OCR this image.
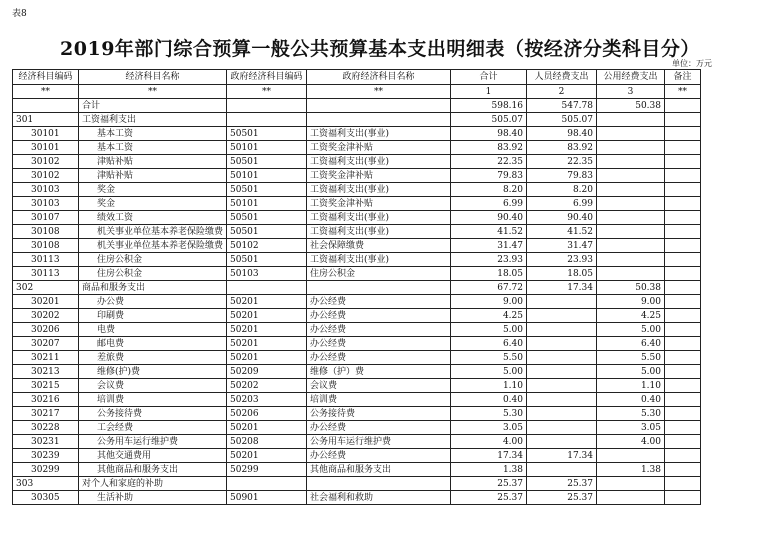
表8
2019年部门综合预算一般公共预算基本支出明细表（按经济分类科目分）
单位：万元
经济科目编码	经济科目名称	政府经济科目编码	政府经济科目名称	合计	人员经费支出	公用经费支出	备注
**	**	**	**	1	2	3	**
	合计			598.16	547.78	50.38	
301	工资福利支出			505.07	505.07		
30101	基本工资	50501	工资福利支出(事业)	98.40	98.40		
30101	基本工资	50101	工资奖金津补贴	83.92	83.92		
30102	津贴补贴	50501	工资福利支出(事业)	22.35	22.35		
30102	津贴补贴	50101	工资奖金津补贴	79.83	79.83		
30103	奖金	50501	工资福利支出(事业)	8.20	8.20		
30103	奖金	50101	工资奖金津补贴	6.99	6.99		
30107	绩效工资	50501	工资福利支出(事业)	90.40	90.40		
30108	机关事业单位基本养老保险缴费	50501	工资福利支出(事业)	41.52	41.52		
30108	机关事业单位基本养老保险缴费	50102	社会保障缴费	31.47	31.47		
30113	住房公积金	50501	工资福利支出(事业)	23.93	23.93		
30113	住房公积金	50103	住房公积金	18.05	18.05		
302	商品和服务支出			67.72	17.34	50.38	
30201	办公费	50201	办公经费	9.00		9.00	
30202	印刷费	50201	办公经费	4.25		4.25	
30206	电费	50201	办公经费	5.00		5.00	
30207	邮电费	50201	办公经费	6.40		6.40	
30211	差旅费	50201	办公经费	5.50		5.50	
30213	维修(护)费	50209	维修（护）费	5.00		5.00	
30215	会议费	50202	会议费	1.10		1.10	
30216	培训费	50203	培训费	0.40		0.40	
30217	公务接待费	50206	公务接待费	5.30		5.30	
30228	工会经费	50201	办公经费	3.05		3.05	
30231	公务用车运行维护费	50208	公务用车运行维护费	4.00		4.00	
30239	其他交通费用	50201	办公经费	17.34	17.34		
30299	其他商品和服务支出	50299	其他商品和服务支出	1.38		1.38	
303	对个人和家庭的补助			25.37	25.37		
30305	生活补助	50901	社会福利和救助	25.37	25.37		
